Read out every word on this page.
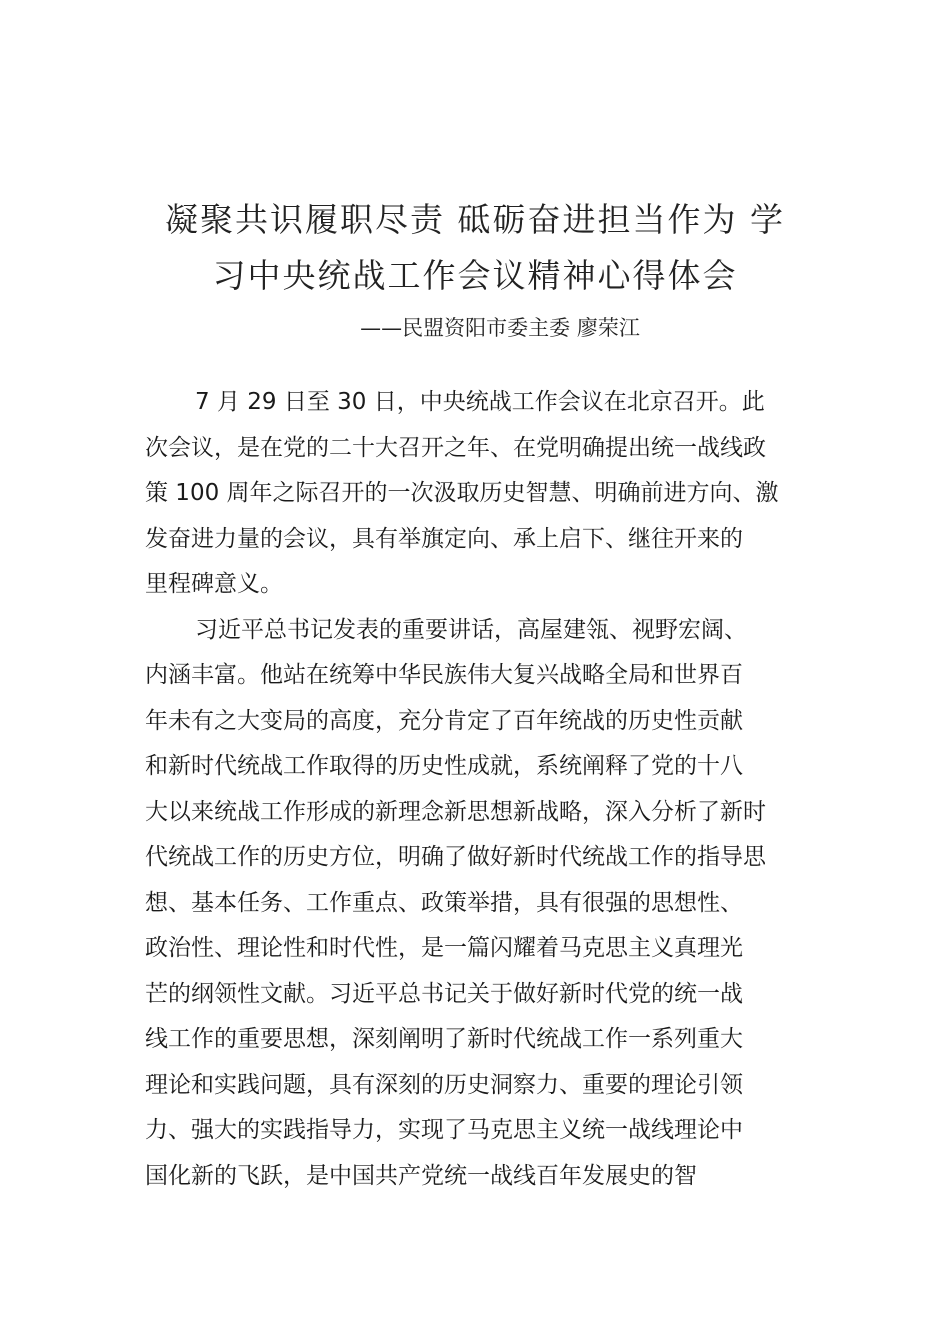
凝聚共识履职尽责 砥砺奋进担当作为 学
习中央统战工作会议精神心得体会
——民盟资阳市委主委 廖荣江

7 月 29 日至 30 日，中央统战工作会议在北京召开。此
次会议，是在党的二十大召开之年、在党明确提出统一战线政
策 100 周年之际召开的一次汲取历史智慧、明确前进方向、激
发奋进力量的会议，具有举旗定向、承上启下、继往开来的
里程碑意义。

习近平总书记发表的重要讲话，高屋建瓴、视野宏阔、
内涵丰富。他站在统筹中华民族伟大复兴战略全局和世界百
年未有之大变局的高度，充分肯定了百年统战的历史性贡献
和新时代统战工作取得的历史性成就，系统阐释了党的十八
大以来统战工作形成的新理念新思想新战略，深入分析了新时
代统战工作的历史方位，明确了做好新时代统战工作的指导思
想、基本任务、工作重点、政策举措，具有很强的思想性、
政治性、理论性和时代性，是一篇闪耀着马克思主义真理光
芒的纲领性文献。习近平总书记关于做好新时代党的统一战
线工作的重要思想，深刻阐明了新时代统战工作一系列重大
理论和实践问题，具有深刻的历史洞察力、重要的理论引领
力、强大的实践指导力，实现了马克思主义统一战线理论中
国化新的飞跃，是中国共产党统一战线百年发展史的智
